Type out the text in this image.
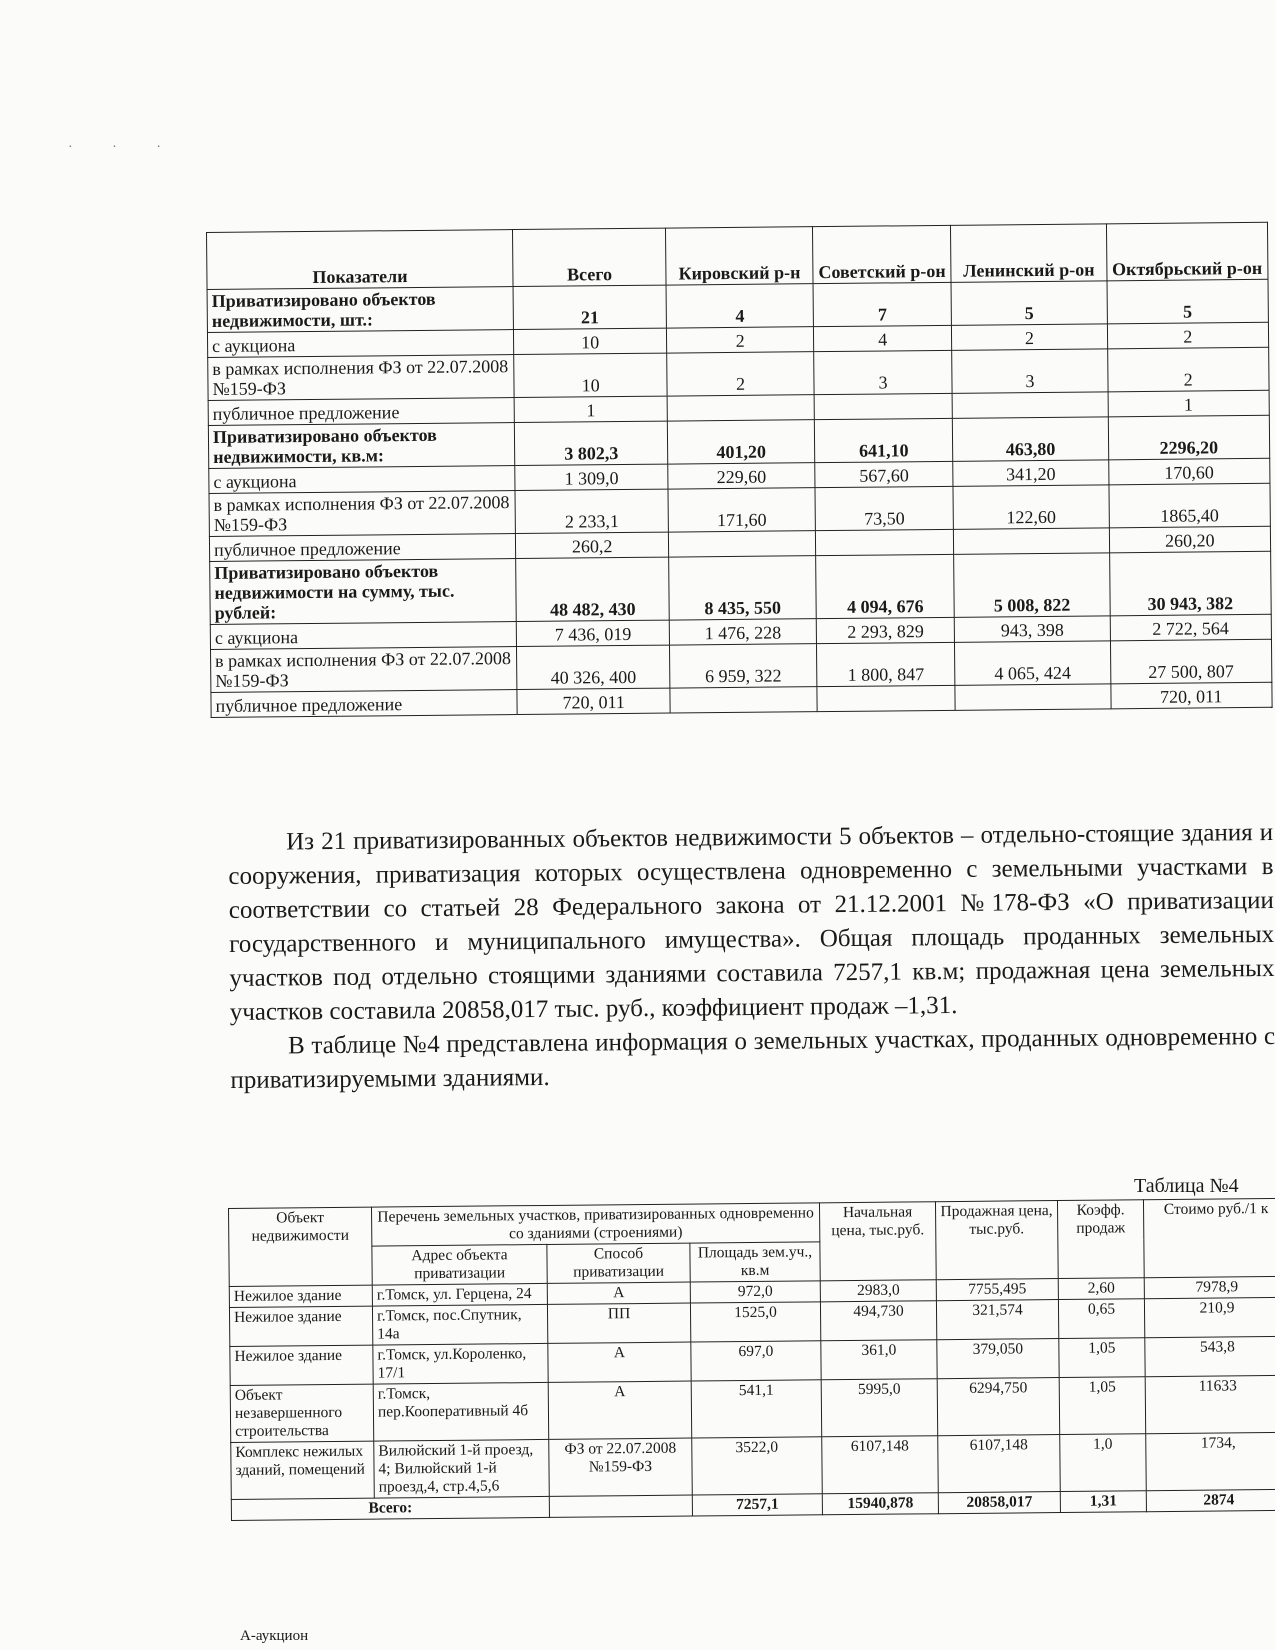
· · ·
Показатели	Всего	Кировский р-н	Советский р-он	Ленинский р-он	Октябрьский р-он
Приватизировано объектов недвижимости, шт.:	21	4	7	5	5
с аукциона	10	2	4	2	2
в рамках исполнения ФЗ от 22.07.2008 №159-ФЗ	10	2	3	3	2
публичное предложение	1				1
Приватизировано объектов недвижимости, кв.м:	3 802,3	401,20	641,10	463,80	2296,20
с аукциона	1 309,0	229,60	567,60	341,20	170,60
в рамках исполнения ФЗ от 22.07.2008 №159-ФЗ	2 233,1	171,60	73,50	122,60	1865,40
публичное предложение	260,2				260,20
Приватизировано объектов недвижимости на сумму, тыс. рублей:	48 482, 430	8 435, 550	4 094, 676	5 008, 822	30 943, 382
с аукциона	7 436, 019	1 476, 228	2 293, 829	943, 398	2 722, 564
в рамках исполнения ФЗ от 22.07.2008 №159-ФЗ	40 326, 400	6 959, 322	1 800, 847	4 065, 424	27 500, 807
публичное предложение	720, 011				720, 011

Из 21 приватизированных объектов недвижимости 5 объектов – отдельно-стоящие здания и сооружения, приватизация которых осуществлена одновременно с земельными участками в соответствии со статьей 28 Федерального закона от 21.12.2001 №178-ФЗ «О приватизации государственного и муниципального имущества». Общая площадь проданных земельных участков под отдельно стоящими зданиями составила 7257,1 кв.м; продажная цена земельных участков составила 20858,017 тыс. руб., коэффициент продаж –1,31.

В таблице №4 представлена информация о земельных участках, проданных одновременно с приватизируемыми зданиями.

Таблица №4
Объект недвижимости	Перечень земельных участков, приватизированных одновременно со зданиями (строениями)			Начальная цена, тыс.руб.	Продажная цена, тыс.руб.	Коэфф. продаж	Стоимо руб./1 к
	Адрес объекта приватизации	Способ приватизации	Площадь зем.уч., кв.м				
Нежилое здание	г.Томск, ул. Герцена, 24	А	972,0	2983,0	7755,495	2,60	7978,9
Нежилое здание	г.Томск, пос.Спутник, 14а	ПП	1525,0	494,730	321,574	0,65	210,9
Нежилое здание	г.Томск, ул.Короленко, 17/1	А	697,0	361,0	379,050	1,05	543,8
Объект незавершенного строительства	г.Томск, пер.Кооперативный 4б	А	541,1	5995,0	6294,750	1,05	11633
Комплекс нежилых зданий, помещений	Вилюйский 1-й проезд, 4; Вилюйский 1-й проезд,4, стр.4,5,6	ФЗ от 22.07.2008 №159-ФЗ	3522,0	6107,148	6107,148	1,0	1734,
Всего:			7257,1	15940,878	20858,017	1,31	2874
А-аукцион
